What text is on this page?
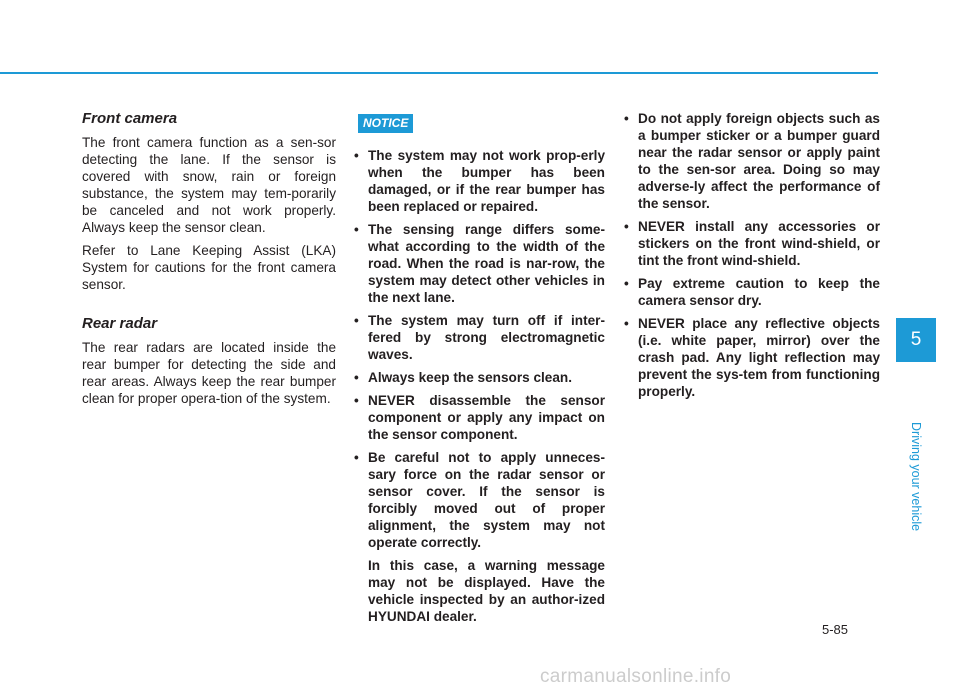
Front camera

The front camera function as a sen-sor detecting the lane. If the sensor is covered with snow, rain or foreign substance, the system may tem-porarily be canceled and not work properly. Always keep the sensor clean.

Refer to Lane Keeping Assist (LKA) System for cautions for the front camera sensor.

Rear radar

The rear radars are located inside the rear bumper for detecting the side and rear areas. Always keep the rear bumper clean for proper opera-tion of the system.

NOTICE
• The system may not work prop-erly when the bumper has been damaged, or if the rear bumper has been replaced or repaired.
• The sensing range differs some-what according to the width of the road. When the road is nar-row, the system may detect other vehicles in the next lane.
• The system may turn off if inter-fered by strong electromagnetic waves.
• Always keep the sensors clean.
• NEVER disassemble the sensor component or apply any impact on the sensor component.
• Be careful not to apply unneces-sary force on the radar sensor or sensor cover. If the sensor is forcibly moved out of proper alignment, the system may not operate correctly.
In this case, a warning message may not be displayed. Have the vehicle inspected by an author-ized HYUNDAI dealer.
• Do not apply foreign objects such as a bumper sticker or a bumper guard near the radar sensor or apply paint to the sen-sor area. Doing so may adverse-ly affect the performance of the sensor.
• NEVER install any accessories or stickers on the front wind-shield, or tint the front wind-shield.
• Pay extreme caution to keep the camera sensor dry.
• NEVER place any reflective objects (i.e. white paper, mirror) over the crash pad. Any light reflection may prevent the sys-tem from functioning properly.
5
Driving your vehicle
5-85
carmanualsonline.info
